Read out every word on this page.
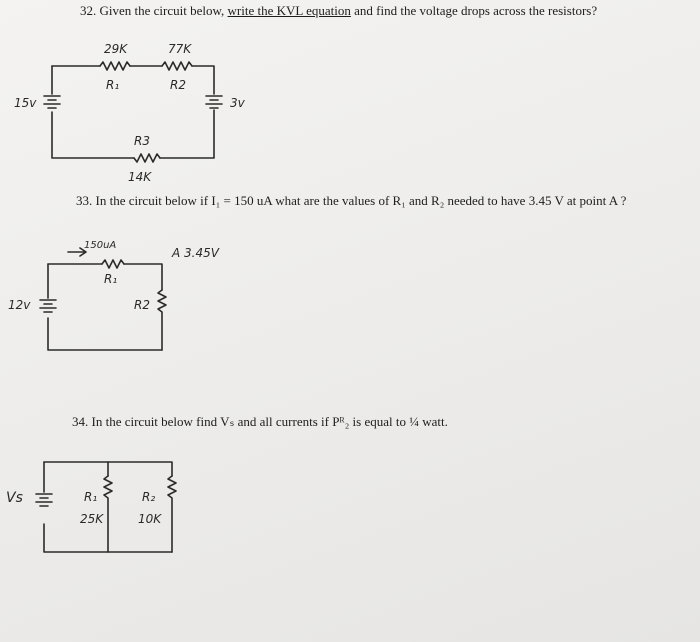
32. Given the circuit below, write the KVL equation and find the voltage drops across the resistors?
33. In the circuit below if I₁ = 150 uA what are the values of R₁ and R₂ needed to have 3.45 V at point A ?
34. In the circuit below find Vₛ and all currents if Pᴿ₂ is equal to ¼ watt.
29K	77K
R₁	R2
15v	3v
R3
14K
150uA
A 3.45V
R₁
R2
12v
Vs	R₁
25K
R₂
10K
